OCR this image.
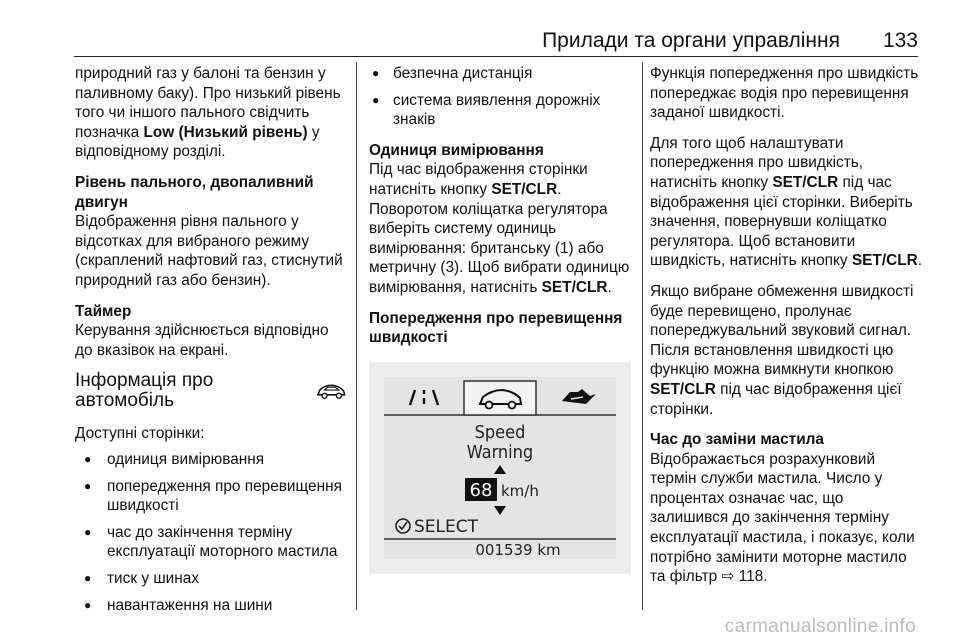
Прилади та органи управління 133

природний газ у балоні та бензин у паливному баку). Про низький рівень того чи іншого пального свідчить позначка Low (Низький рівень) у відповідному розділі.

Рівень пального, двопаливний двигун

Відображення рівня пального у відсотках для вибраного режиму (скраплений нафтовий газ, стиснутий природний газ або бензин).

Таймер

Керування здійснюється відповідно до вказівок на екрані.

Інформація про автомобіль

Доступні сторінки:

● одиниця вимірювання
● попередження про перевищення швидкості
● час до закінчення терміну експлуатації моторного мастила
● тиск у шинах
● навантаження на шини
● безпечна дистанція
● система виявлення дорожніх знаків
Одиниця вимірювання

Під час відображення сторінки натисніть кнопку SET/CLR. Поворотом коліщатка регулятора виберіть систему одиниць вимірювання: британську (1) або метричну (3). Щоб вибрати одиницю вимірювання, натисніть SET/CLR.

Попередження про перевищення швидкості
Speed
Warning
68 km/h
SELECT
001539 km

Функція попередження про швидкість попереджає водія про перевищення заданої швидкості.

Для того щоб налаштувати попередження про швидкість, натисніть кнопку SET/CLR під час відображення цієї сторінки. Виберіть значення, повернувши коліщатко регулятора. Щоб встановити швидкість, натисніть кнопку SET/CLR.

Якщо вибране обмеження швидкості буде перевищено, пролунає попереджувальний звуковий сигнал. Після встановлення швидкості цю функцію можна вимкнути кнопкою SET/CLR під час відображення цієї сторінки.

Час до заміни мастила

Відображається розрахунковий термін служби мастила. Число у процентах означає час, що залишився до закінчення терміну експлуатації мастила, і показує, коли потрібно замінити моторне мастило та фільтр ⇨ 118.

carmanualsonline.info
